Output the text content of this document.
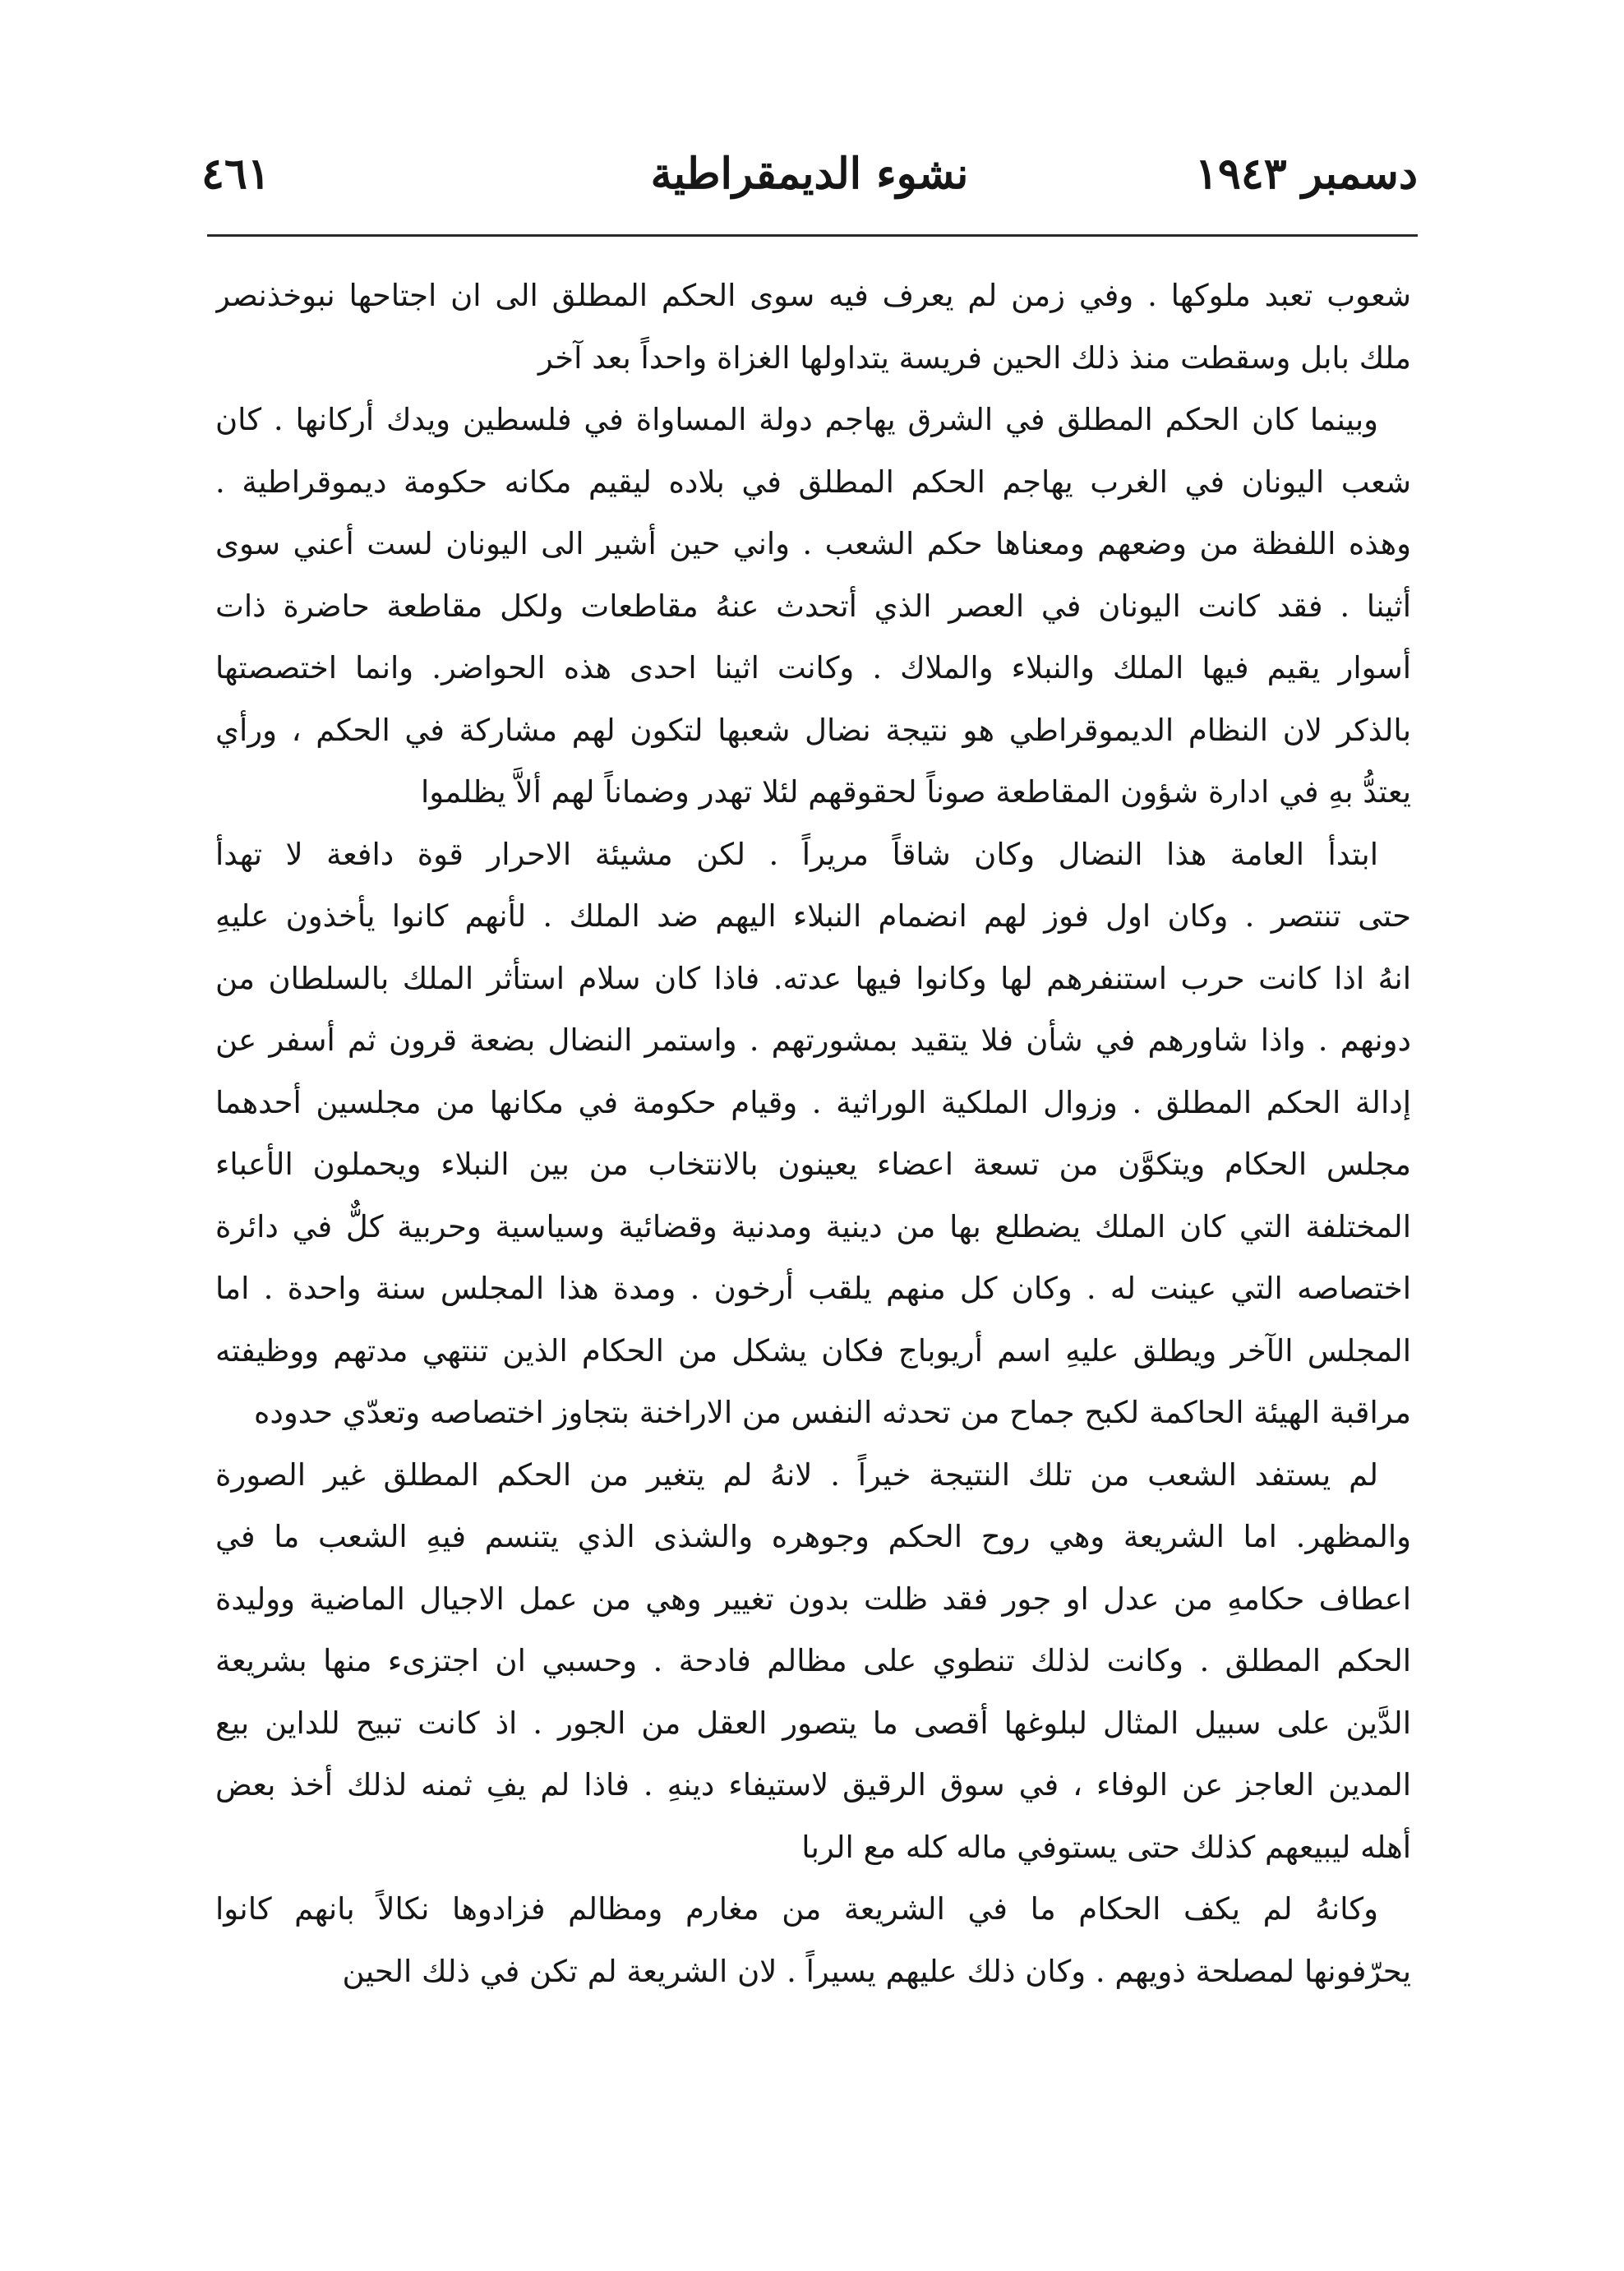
دسمبر ١٩٤٣
نشوء الديمقراطية
٤٦١
شعوب تعبد ملوكها . وفي زمن لم يعرف فيه سوى الحكم المطلق الى ان اجتاحها نبوخذنصر
ملك بابل وسقطت منذ ذلك الحين فريسة يتداولها الغزاة واحداً بعد آخر
وبينما كان الحكم المطلق في الشرق يهاجم دولة المساواة في فلسطين ويدك أركانها . كان
شعب اليونان في الغرب يهاجم الحكم المطلق في بلاده ليقيم مكانه حكومة ديموقراطية .
وهذه اللفظة من وضعهم ومعناها حكم الشعب . واني حين أشير الى اليونان لست أعني سوى
أثينا . فقد كانت اليونان في العصر الذي أتحدث عنهُ مقاطعات ولكل مقاطعة حاضرة ذات
أسوار يقيم فيها الملك والنبلاء والملاك . وكانت اثينا احدى هذه الحواضر. وانما اختصصتها
بالذكر لان النظام الديموقراطي هو نتيجة نضال شعبها لتكون لهم مشاركة في الحكم ، ورأي
يعتدُّ بهِ في ادارة شؤون المقاطعة صوناً لحقوقهم لئلا تهدر وضماناً لهم ألاَّ يظلموا
ابتدأ العامة هذا النضال وكان شاقاً مريراً . لكن مشيئة الاحرار قوة دافعة لا تهدأ
حتى تنتصر . وكان اول فوز لهم انضمام النبلاء اليهم ضد الملك . لأنهم كانوا يأخذون عليهِ
انهُ اذا كانت حرب استنفرهم لها وكانوا فيها عدته. فاذا كان سلام استأثر الملك بالسلطان من
دونهم . واذا شاورهم في شأن فلا يتقيد بمشورتهم . واستمر النضال بضعة قرون ثم أسفر عن
إدالة الحكم المطلق . وزوال الملكية الوراثية . وقيام حكومة في مكانها من مجلسين أحدهما
مجلس الحكام ويتكوَّن من تسعة اعضاء يعينون بالانتخاب من بين النبلاء ويحملون الأعباء
المختلفة التي كان الملك يضطلع بها من دينية ومدنية وقضائية وسياسية وحربية كلٌّ في دائرة
اختصاصه التي عينت له . وكان كل منهم يلقب أرخون . ومدة هذا المجلس سنة واحدة . اما
المجلس الآخر ويطلق عليهِ اسم أريوباج فكان يشكل من الحكام الذين تنتهي مدتهم ووظيفته
مراقبة الهيئة الحاكمة لكبح جماح من تحدثه النفس من الاراخنة بتجاوز اختصاصه وتعدّي حدوده
لم يستفد الشعب من تلك النتيجة خيراً . لانهُ لم يتغير من الحكم المطلق غير الصورة
والمظهر. اما الشريعة وهي روح الحكم وجوهره والشذى الذي يتنسم فيهِ الشعب ما في
اعطاف حكامهِ من عدل او جور فقد ظلت بدون تغيير وهي من عمل الاجيال الماضية ووليدة
الحكم المطلق . وكانت لذلك تنطوي على مظالم فادحة . وحسبي ان اجتزىء منها بشريعة
الدَّين على سبيل المثال لبلوغها أقصى ما يتصور العقل من الجور . اذ كانت تبيح للداين بيع
المدين العاجز عن الوفاء ، في سوق الرقيق لاستيفاء دينهِ . فاذا لم يفِ ثمنه لذلك أخذ بعض
أهله ليبيعهم كذلك حتى يستوفي ماله كله مع الربا
وكانهُ لم يكف الحكام ما في الشريعة من مغارم ومظالم فزادوها نكالاً بانهم كانوا
يحرّفونها لمصلحة ذويهم . وكان ذلك عليهم يسيراً . لان الشريعة لم تكن في ذلك الحين
